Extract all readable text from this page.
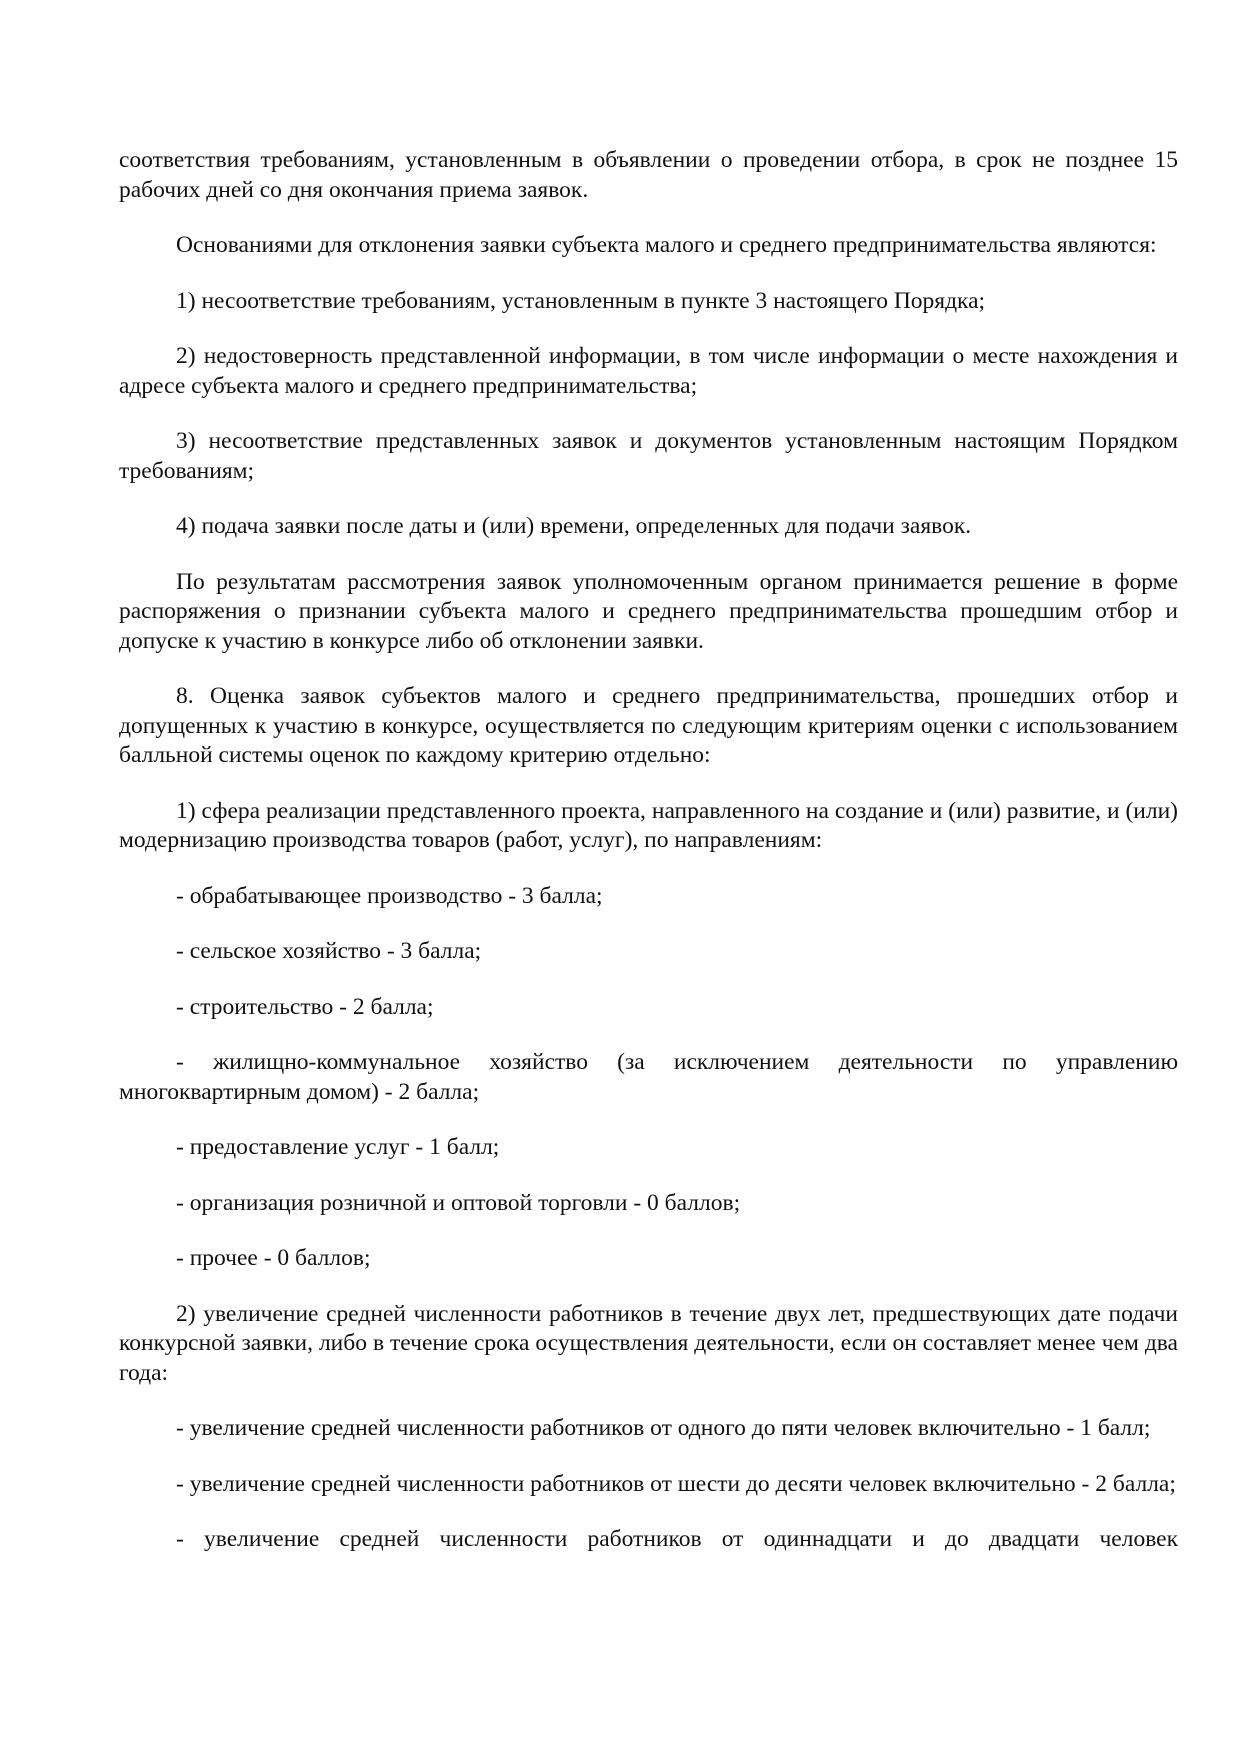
соответствия требованиям, установленным в объявлении о проведении отбора, в срок не позднее 15 рабочих дней со дня окончания приема заявок.

Основаниями для отклонения заявки субъекта малого и среднего предпринимательства являются:

1) несоответствие требованиям, установленным в пункте 3 настоящего Порядка;

2) недостоверность представленной информации, в том числе информации о месте нахождения и адресе субъекта малого и среднего предпринимательства;

3) несоответствие представленных заявок и документов установленным настоящим Порядком требованиям;

4) подача заявки после даты и (или) времени, определенных для подачи заявок.

По результатам рассмотрения заявок уполномоченным органом принимается решение в форме распоряжения о признании субъекта малого и среднего предпринимательства прошедшим отбор и допуске к участию в конкурсе либо об отклонении заявки.

8. Оценка заявок субъектов малого и среднего предпринимательства, прошедших отбор и допущенных к участию в конкурсе, осуществляется по следующим критериям оценки с использованием балльной системы оценок по каждому критерию отдельно:

1) сфера реализации представленного проекта, направленного на создание и (или) развитие, и (или) модернизацию производства товаров (работ, услуг), по направлениям:

- обрабатывающее производство - 3 балла;

- сельское хозяйство - 3 балла;

- строительство - 2 балла;

- жилищно-коммунальное хозяйство (за исключением деятельности по управлению многоквартирным домом) - 2 балла;

- предоставление услуг - 1 балл;

- организация розничной и оптовой торговли - 0 баллов;

- прочее - 0 баллов;

2) увеличение средней численности работников в течение двух лет, предшествующих дате подачи конкурсной заявки, либо в течение срока осуществления деятельности, если он составляет менее чем два года:

- увеличение средней численности работников от одного до пяти человек включительно - 1 балл;

- увеличение средней численности работников от шести до десяти человек включительно - 2 балла;

- увеличение средней численности работников от одиннадцати и до двадцати человек
